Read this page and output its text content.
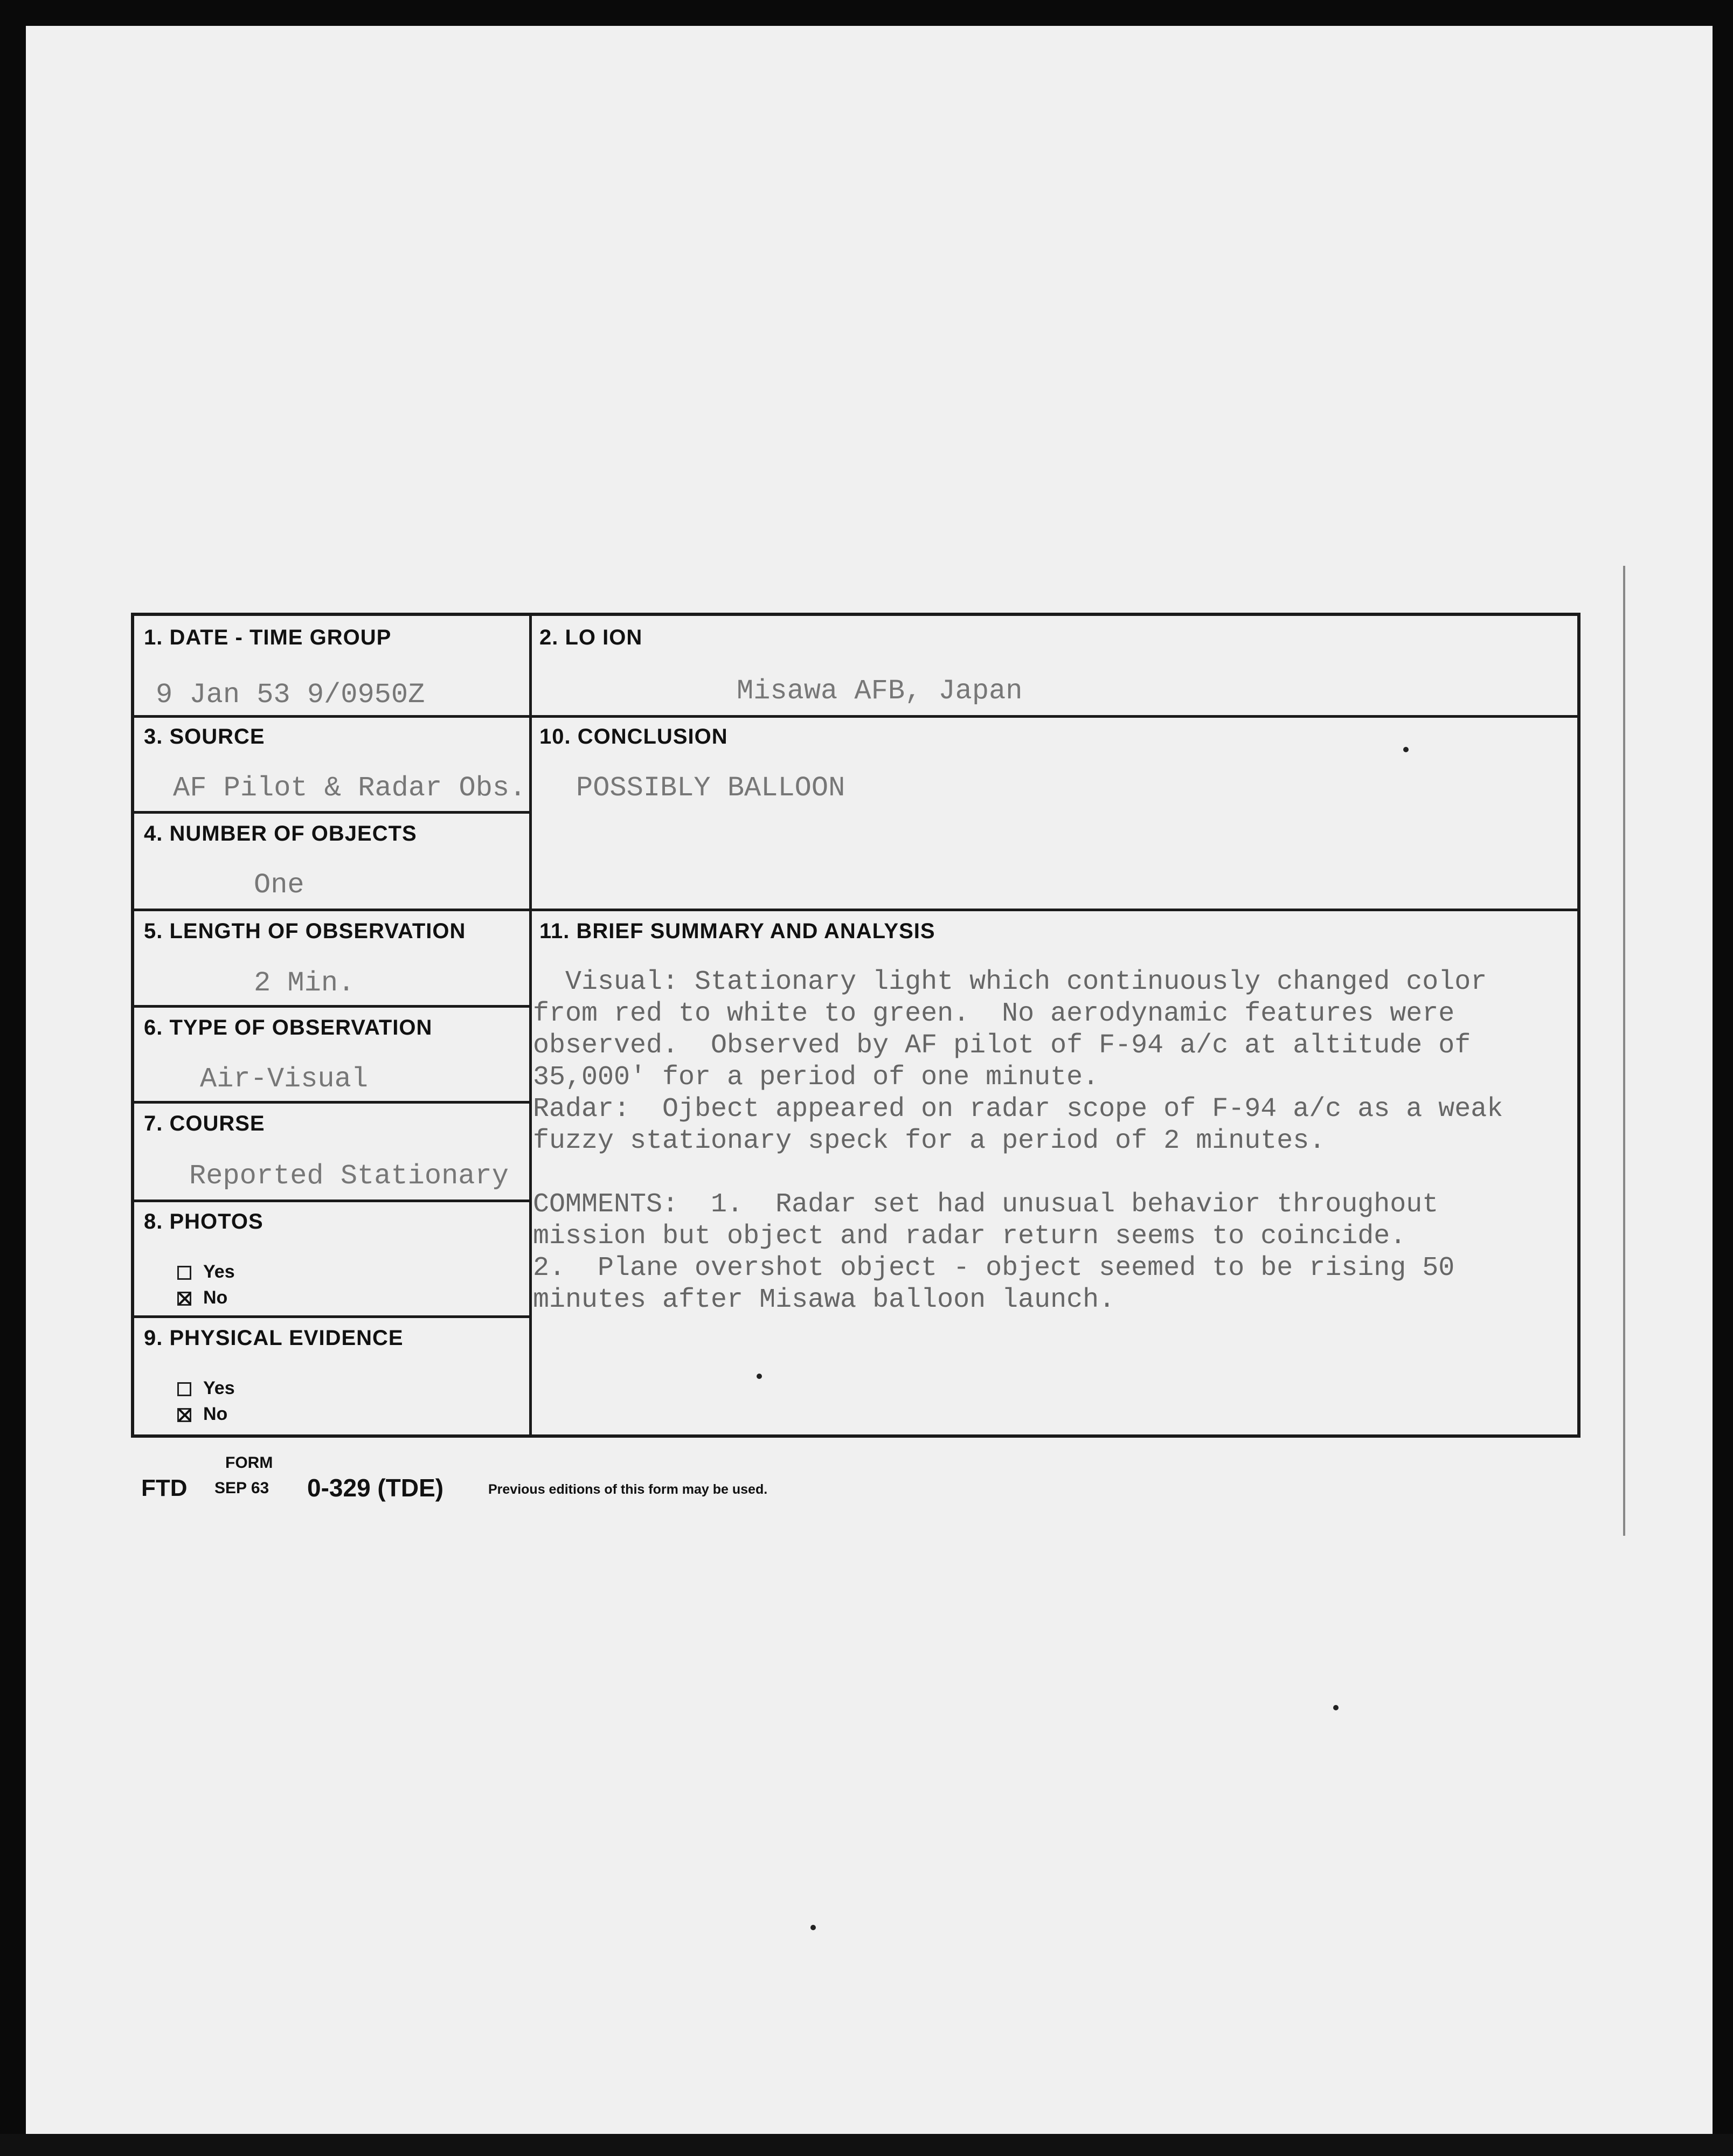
1. DATE - TIME GROUP
9 Jan 53 9/0950Z
2. LO ION
Misawa AFB, Japan
3. SOURCE
AF Pilot & Radar Obs.
10. CONCLUSION
POSSIBLY BALLOON
4. NUMBER OF OBJECTS
One
5. LENGTH OF OBSERVATION
2 Min.
11. BRIEF SUMMARY AND ANALYSIS
Visual: Stationary light which continuously changed color
from red to white to green.  No aerodynamic features were
observed.  Observed by AF pilot of F-94 a/c at altitude of
35,000' for a period of one minute.
Radar:  Ojbect appeared on radar scope of F-94 a/c as a weak
fuzzy stationary speck for a period of 2 minutes.
COMMENTS:  1.  Radar set had unusual behavior throughout
mission but object and radar return seems to coincide.
2.  Plane overshot object - object seemed to be rising 50
minutes after Misawa balloon launch.
6. TYPE OF OBSERVATION
Air-Visual
7. COURSE
Reported Stationary
8. PHOTOS
Yes
No
9. PHYSICAL EVIDENCE
Yes
No
FTD
FORM
SEP 63 0-329 (TDE)	Previous editions of this form may be used.
